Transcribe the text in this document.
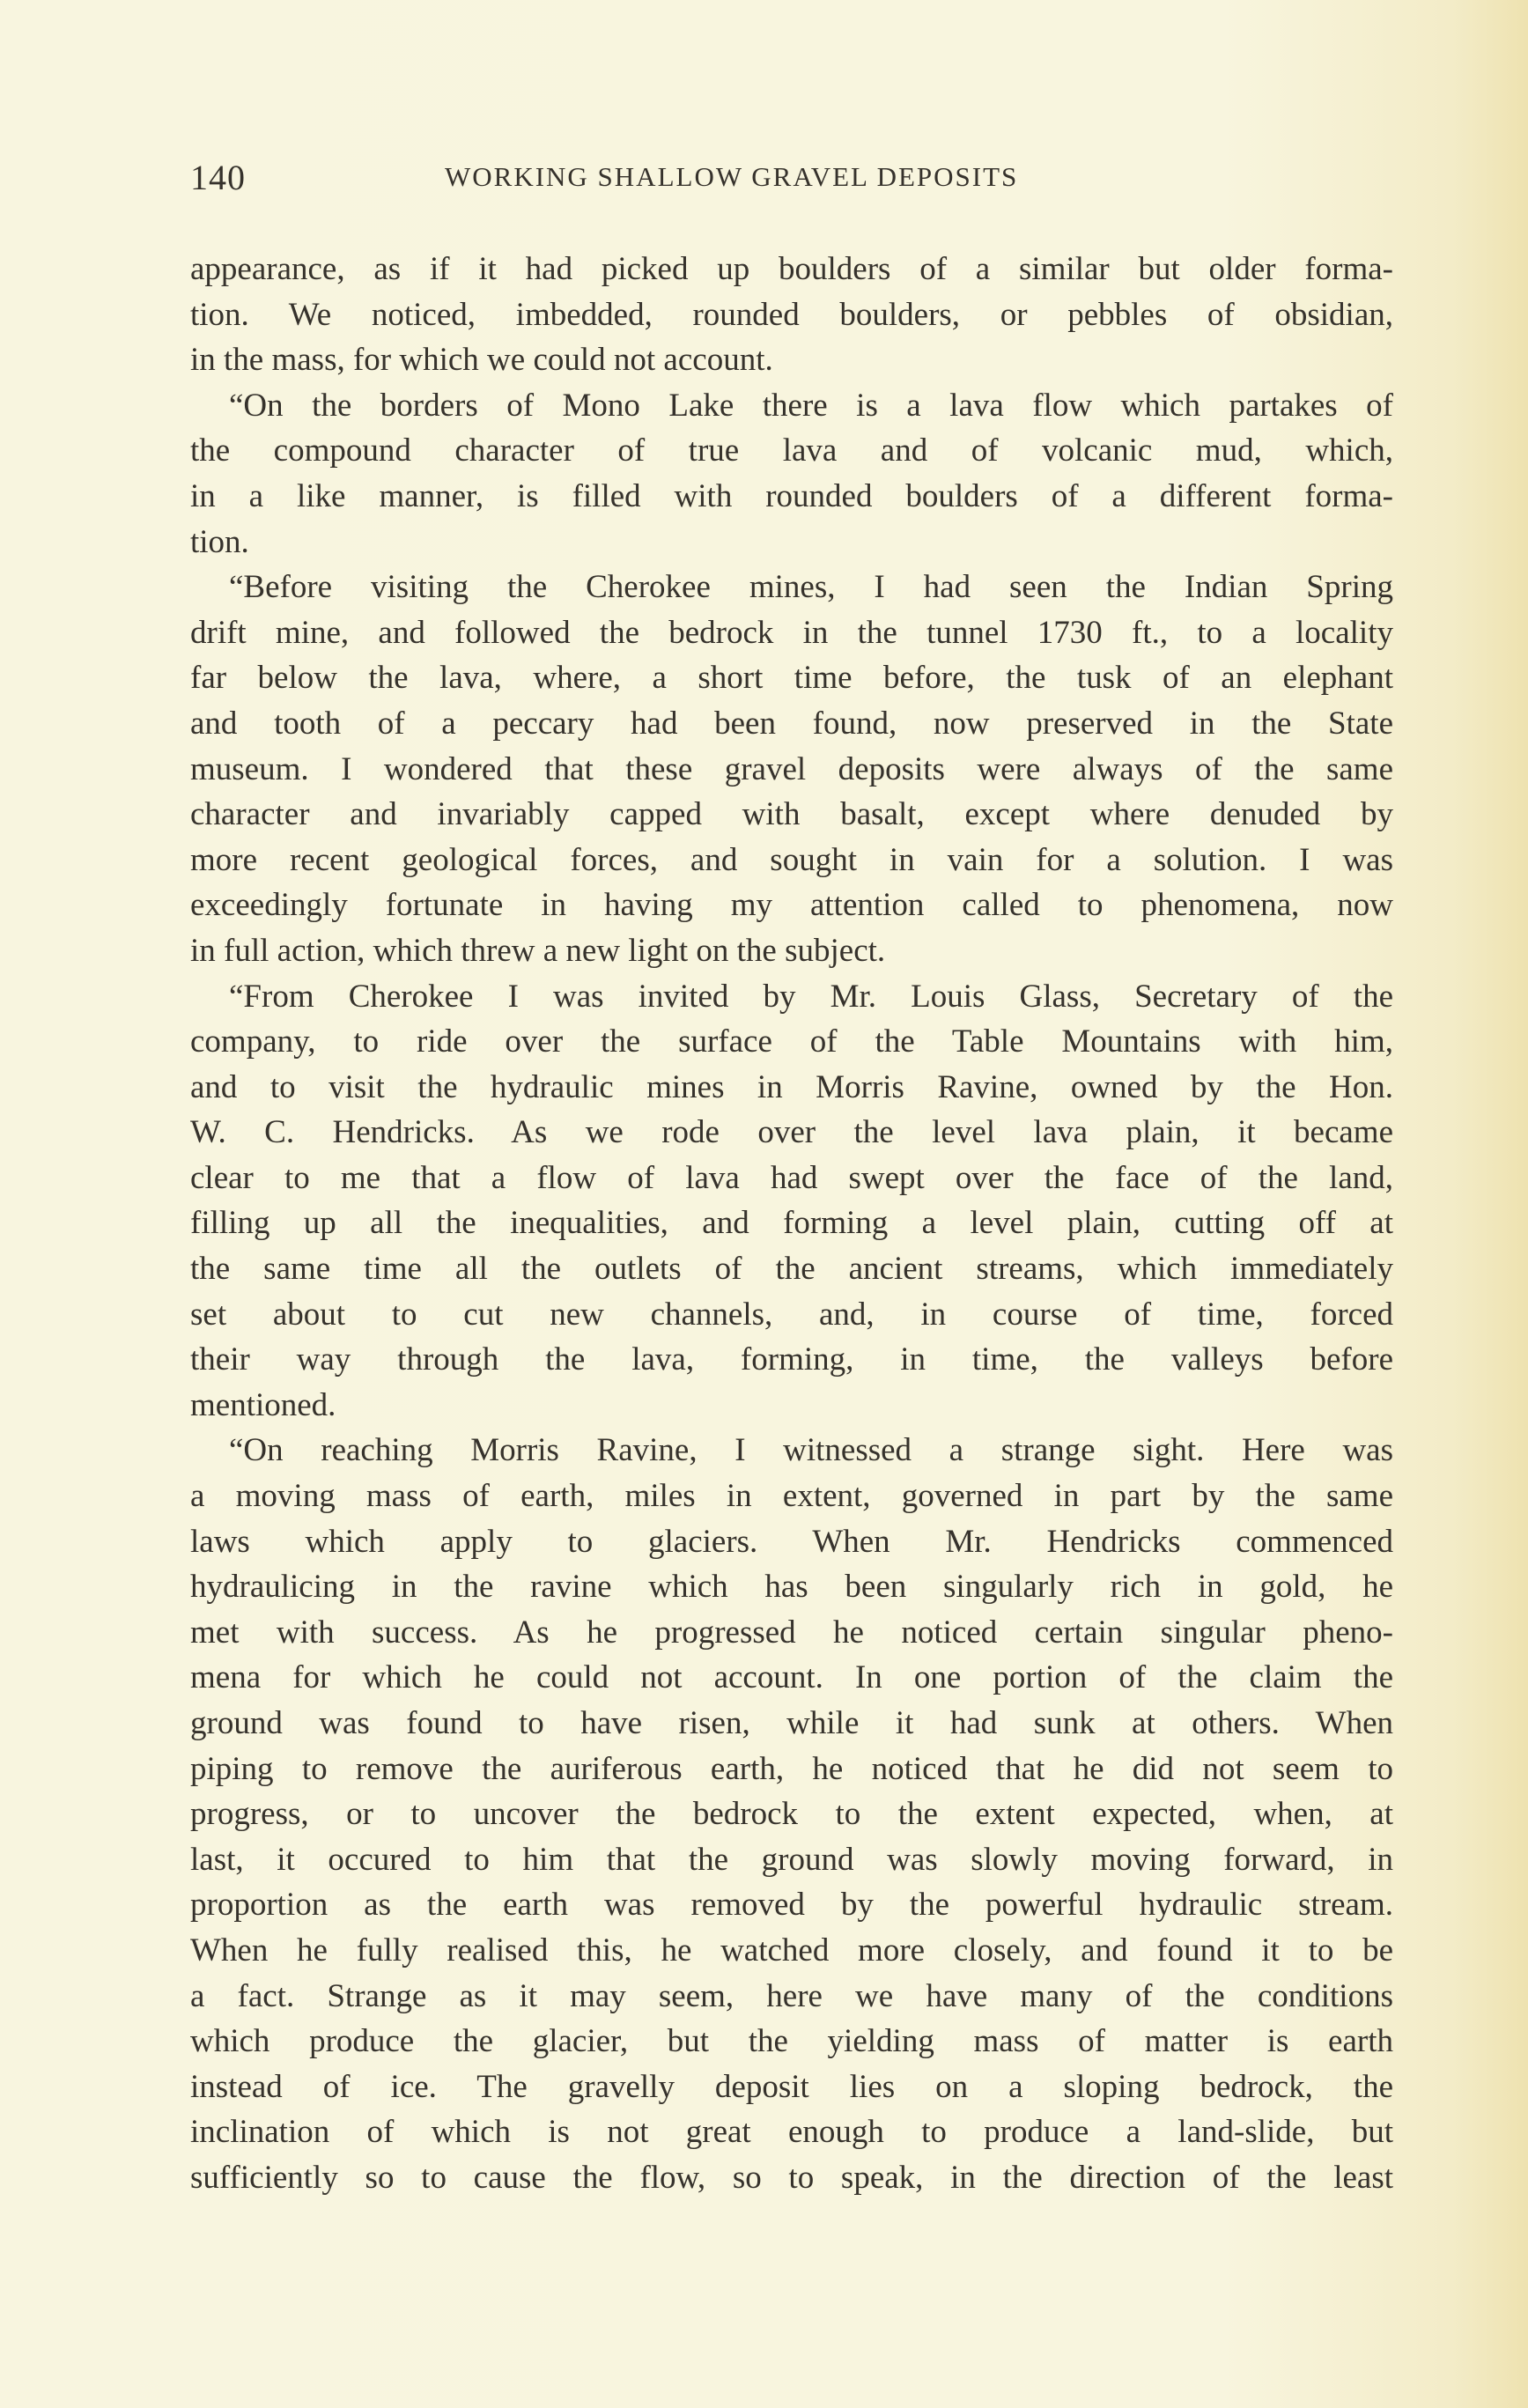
140	WORKING SHALLOW GRAVEL DEPOSITS
appearance, as if it had picked up boulders of a similar but older forma-
tion. We noticed, imbedded, rounded boulders, or pebbles of obsidian,
in the mass, for which we could not account.
“On the borders of Mono Lake there is a lava flow which partakes of
the compound character of true lava and of volcanic mud, which,
in a like manner, is filled with rounded boulders of a different forma-
tion.
“Before visiting the Cherokee mines, I had seen the Indian Spring
drift mine, and followed the bedrock in the tunnel 1730 ft., to a locality
far below the lava, where, a short time before, the tusk of an elephant
and tooth of a peccary had been found, now preserved in the State
museum. I wondered that these gravel deposits were always of the same
character and invariably capped with basalt, except where denuded by
more recent geological forces, and sought in vain for a solution. I was
exceedingly fortunate in having my attention called to phenomena, now
in full action, which threw a new light on the subject.
“From Cherokee I was invited by Mr. Louis Glass, Secretary of the
company, to ride over the surface of the Table Mountains with him,
and to visit the hydraulic mines in Morris Ravine, owned by the Hon.
W. C. Hendricks. As we rode over the level lava plain, it became
clear to me that a flow of lava had swept over the face of the land,
filling up all the inequalities, and forming a level plain, cutting off at
the same time all the outlets of the ancient streams, which immediately
set about to cut new channels, and, in course of time, forced
their way through the lava, forming, in time, the valleys before
mentioned.
“On reaching Morris Ravine, I witnessed a strange sight. Here was
a moving mass of earth, miles in extent, governed in part by the same
laws which apply to glaciers. When Mr. Hendricks commenced
hydraulicing in the ravine which has been singularly rich in gold, he
met with success. As he progressed he noticed certain singular pheno-
mena for which he could not account. In one portion of the claim the
ground was found to have risen, while it had sunk at others. When
piping to remove the auriferous earth, he noticed that he did not seem to
progress, or to uncover the bedrock to the extent expected, when, at
last, it occured to him that the ground was slowly moving forward, in
proportion as the earth was removed by the powerful hydraulic stream.
When he fully realised this, he watched more closely, and found it to be
a fact. Strange as it may seem, here we have many of the conditions
which produce the glacier, but the yielding mass of matter is earth
instead of ice. The gravelly deposit lies on a sloping bedrock, the
inclination of which is not great enough to produce a land-slide, but
sufficiently so to cause the flow, so to speak, in the direction of the least
